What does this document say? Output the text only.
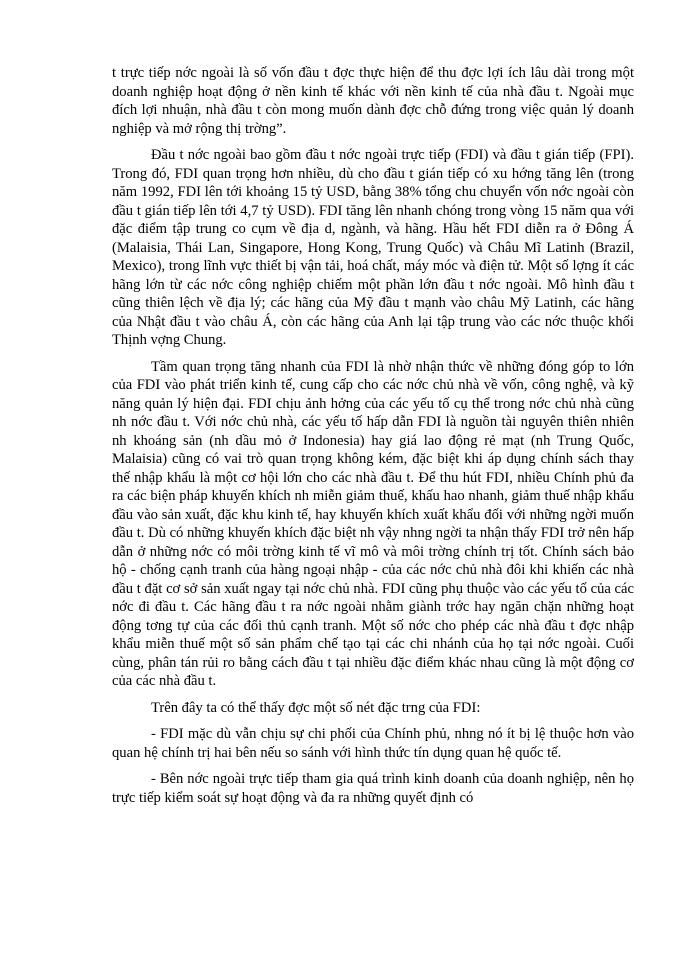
t trực tiếp nớc ngoài là số vốn đầu t đợc thực hiện để thu đợc lợi ích lâu dài trong một doanh nghiệp hoạt động ở nền kinh tế khác với nền kinh tế của nhà đầu t. Ngoài mục đích lợi nhuận, nhà đầu t còn mong muốn dành đợc chỗ đứng trong việc quản lý doanh nghiệp và mở rộng thị trờng”.

Đầu t nớc ngoài bao gồm đầu t nớc ngoài trực tiếp (FDI) và đầu t gián tiếp (FPI). Trong đó, FDI quan trọng hơn nhiều, dù cho đầu t gián tiếp có xu hớng tăng lên (trong năm 1992, FDI lên tới khoảng 15 tỷ USD, bằng 38% tổng chu chuyển vốn nớc ngoài còn đầu t gián tiếp lên tới 4,7 tỷ USD). FDI tăng lên nhanh chóng trong vòng 15 năm qua với đặc điểm tập trung co cụm về địa d, ngành, và hãng. Hầu hết FDI diễn ra ở Đông Á (Malaisia, Thái Lan, Singapore, Hong Kong, Trung Quốc) và Châu Mĩ Latinh (Brazil, Mexico), trong lĩnh vực thiết bị vận tải, hoá chất, máy móc và điện tử. Một số lợng ít các hãng lớn từ các nớc công nghiệp chiếm một phần lớn đầu t nớc ngoài. Mô hình đầu t cũng thiên lệch về địa lý; các hãng của Mỹ đầu t mạnh vào châu Mỹ Latinh, các hãng của Nhật đầu t vào châu Á, còn các hãng của Anh lại tập trung vào các nớc thuộc khối Thịnh vợng Chung.

Tầm quan trọng tăng nhanh của FDI là nhờ nhận thức về những đóng góp to lớn của FDI vào phát triển kinh tế, cung cấp cho các nớc chủ nhà về vốn, công nghệ, và kỹ năng quản lý hiện đại. FDI chịu ảnh hởng của các yếu tố cụ thể trong nớc chủ nhà cũng nh nớc đầu t. Với nớc chủ nhà, các yếu tố hấp dẫn FDI là nguồn tài nguyên thiên nhiên nh khoáng sản (nh dầu mỏ ở Indonesia) hay giá lao động rẻ mạt (nh Trung Quốc, Malaisia) cũng có vai trò quan trọng không kém, đặc biệt khi áp dụng chính sách thay thế nhập khẩu là một cơ hội lớn cho các nhà đầu t. Để thu hút FDI, nhiều Chính phủ đa ra các biện pháp khuyến khích nh miễn giảm thuế, khấu hao nhanh, giảm thuế nhập khẩu đầu vào sản xuất, đặc khu kinh tế, hay khuyến khích xuất khẩu đối với những ngời muốn đầu t. Dù có những khuyến khích đặc biệt nh vậy nhng ngời ta nhận thấy FDI trở nên hấp dẫn ở những nớc có môi trờng kinh tế vĩ mô và môi trờng chính trị tốt. Chính sách bảo hộ - chống cạnh tranh của hàng ngoại nhập - của các nớc chủ nhà đôi khi khiến các nhà đầu t đặt cơ sở sản xuất ngay tại nớc chủ nhà. FDI cũng phụ thuộc vào các yếu tố của các nớc đi đầu t. Các hãng đầu t ra nớc ngoài nhằm giành trớc hay ngăn chặn những hoạt động tơng tự của các đối thủ cạnh tranh. Một số nớc cho phép các nhà đầu t đợc nhập khẩu miễn thuế một số sản phẩm chế tạo tại các chi nhánh của họ tại nớc ngoài. Cuối cùng, phân tán rủi ro bằng cách đầu t tại nhiều đặc điểm khác nhau cũng là một động cơ của các nhà đầu t.

Trên đây ta có thể thấy đợc một số nét đặc trng của FDI:

- FDI mặc dù vẫn chịu sự chi phối của Chính phủ, nhng nó ít bị lệ thuộc hơn vào quan hệ chính trị hai bên nếu so sánh với hình thức tín dụng quan hệ quốc tế.

- Bên nớc ngoài trực tiếp tham gia quá trình kinh doanh của doanh nghiệp, nên họ trực tiếp kiểm soát sự hoạt động và đa ra những quyết định có
